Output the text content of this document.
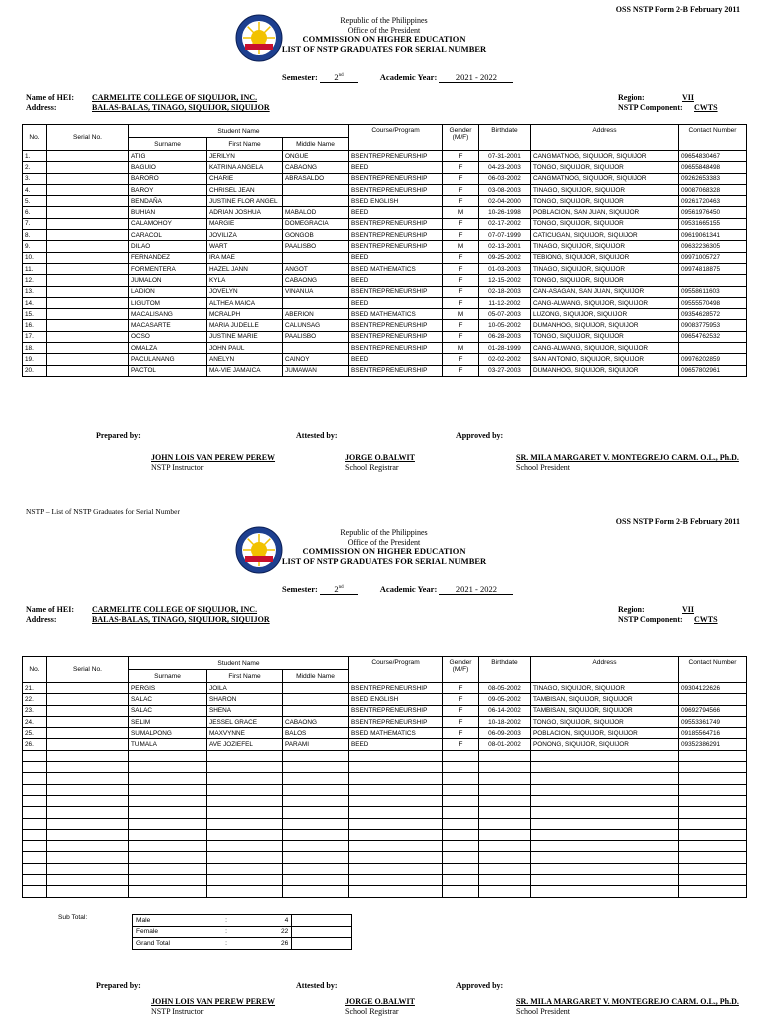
OSS NSTP Form 2-B February 2011
Republic of the Philippines
Office of the President
COMMISSION ON HIGHER EDUCATION
LIST OF NSTP GRADUATES FOR SERIAL NUMBER
Semester: 2nd	Academic Year: 2021 - 2022
Name of HEI: CARMELITE COLLEGE OF SIQUIJOR, INC.
Address:	BALAS-BALAS, TINAGO, SIQUIJOR, SIQUIJOR
Region:	VII
NSTP Component: CWTS
No.	Serial No.	Student Name			Course/Program	Gender (M/F)	Birthdate	Address	Contact Number
		Surname	First Name	Middle Name					
1.		ATIG	JERILYN	ONGUE	BSENTREPRENEURSHIP	F	07-31-2001	CANGMATNOG, SIQUIJOR, SIQUIJOR	09654830467
2.		BAGUIO	KATRINA ANGELA	CABAONG	BEED	F	04-23-2003	TONGO, SIQUIJOR, SIQUIJOR	09655848498
3.		BARORO	CHARIE	ABRASALDO	BSENTREPRENEURSHIP	F	06-03-2002	CANGMATNOG, SIQUIJOR, SIQUIJOR	09262653383
4.		BAROY	CHRISEL JEAN		BSENTREPRENEURSHIP	F	03-08-2003	TINAGO, SIQUIJOR, SIQUIJOR	09087068328
5.		BENDAÑA	JUSTINE FLOR ANGEL		BSED ENGLISH	F	02-04-2000	TONGO, SIQUIJOR, SIQUIJOR	09261720463
6.		BUHIAN	ADRIAN JOSHUA	MABALOD	BEED	M	10-26-1998	POBLACION, SAN JUAN, SIQUIJOR	09561976450
7.		CALAMOHOY	MARGIE	DOMEGRACIA	BSENTREPRENEURSHIP	F	02-17-2002	TONGO, SIQUIJOR, SIQUIJOR	09531665155
8.		CARACOL	JOVILIZA	GONGOB	BSENTREPRENEURSHIP	F	07-07-1999	CATICUGAN, SIQUIJOR, SIQUIJOR	09619061341
9.		DILAO	WART	PAALISBO	BSENTREPRENEURSHIP	M	02-13-2001	TINAGO, SIQUIJOR, SIQUIJOR	09632236305
10.		FERNANDEZ	IRA MAE		BEED	F	09-25-2002	TEBIONG, SIQUIJOR, SIQUIJOR	09971005727
11.		FORMENTERA	HAZEL JANN	ANGOT	BSED MATHEMATICS	F	01-03-2003	TINAGO, SIQUIJOR, SIQUIJOR	09974818875
12.		JUMALON	KYLA	CABAONG	BEED	F	12-15-2002	TONGO, SIQUIJOR, SIQUIJOR	
13.		LADION	JOVELYN	VINANUA	BSENTREPRENEURSHIP	F	02-18-2003	CAN-ASAGAN, SAN JUAN, SIQUIJOR	09558611603
14.		LIGUTOM	ALTHEA MAICA		BEED	F	11-12-2002	CANG-ALWANG, SIQUIJOR, SIQUIJOR	09555570498
15.		MACALISANG	MCRALPH	ABERION	BSED MATHEMATICS	M	05-07-2003	LUZONG, SIQUIJOR, SIQUIJOR	09354628572
16.		MACASARTE	MARIA JUDELLE	CALUNSAG	BSENTREPRENEURSHIP	F	10-05-2002	DUMANHOG, SIQUIJOR, SIQUIJOR	09083775953
17.		OCSO	JUSTINE MARIE	PAALISBO	BSENTREPRENEURSHIP	F	06-28-2003	TONGO, SIQUIJOR, SIQUIJOR	09654762532
18.		OMALZA	JOHN PAUL		BSENTREPRENEURSHIP	M	01-28-1999	CANG-ALWANG, SIQUIJOR, SIQUIJOR	
19.		PACULANANG	ANELYN	CAINOY	BEED	F	02-02-2002	SAN ANTONIO, SIQUIJOR, SIQUIJOR	09976202859
20.		PACTOL	MA-VIE JAMAICA	JUMAWAN	BSENTREPRENEURSHIP	F	03-27-2003	DUMANHOG, SIQUIJOR, SIQUIJOR	09657802961
Prepared by:	Attested by:	Approved by:
JOHN LOIS VAN PEREW PEREW
NSTP Instructor
JORGE O.BALWIT
School Registrar
SR. MILA MARGARET V. MONTEGREJO CARM. O.L., Ph.D.
School President
NSTP – List of NSTP Graduates for Serial Number
OSS NSTP Form 2-B February 2011
Republic of the Philippines
Office of the President
COMMISSION ON HIGHER EDUCATION
LIST OF NSTP GRADUATES FOR SERIAL NUMBER
Semester: 2nd	Academic Year: 2021 - 2022
Name of HEI: CARMELITE COLLEGE OF SIQUIJOR, INC.
Address:	BALAS-BALAS, TINAGO, SIQUIJOR, SIQUIJOR
Region:	VII
NSTP Component: CWTS
No.	Serial No.	Student Name			Course/Program	Gender (M/F)	Birthdate	Address	Contact Number
		Surname	First Name	Middle Name					
21.		PERGIS	JOILA		BSENTREPRENEURSHIP	F	08-05-2002	TINAGO, SIQUIJOR, SIQUIJOR	09304122626
22.		SALAC	SHARON		BSED ENGLISH	F	09-05-2002	TAMBISAN, SIQUIJOR, SIQUIJOR	
23.		SALAC	SHENA		BSENTREPRENEURSHIP	F	06-14-2002	TAMBISAN, SIQUIJOR, SIQUIJOR	09692794566
24.		SELIM	JESSEL GRACE	CABAONG	BSENTREPRENEURSHIP	F	10-18-2002	TONGO, SIQUIJOR, SIQUIJOR	09553361749
25.		SUMALPONG	MAXVYNNE	BALOS	BSED MATHEMATICS	F	06-09-2003	POBLACION, SIQUIJOR, SIQUIJOR	09185564716
26.		TUMALA	AVE JOZIEFEL	PARAMI	BEED	F	08-01-2002	PONONG, SIQUIJOR, SIQUIJOR	09352386291

Sub Total:	Male	:	4	
Female	:	22	
Grand Total	:	26	
Prepared by:	Attested by:	Approved by:
JOHN LOIS VAN PEREW PEREW
NSTP Instructor
JORGE O.BALWIT
School Registrar
SR. MILA MARGARET V. MONTEGREJO CARM. O.L., Ph.D.
School President
